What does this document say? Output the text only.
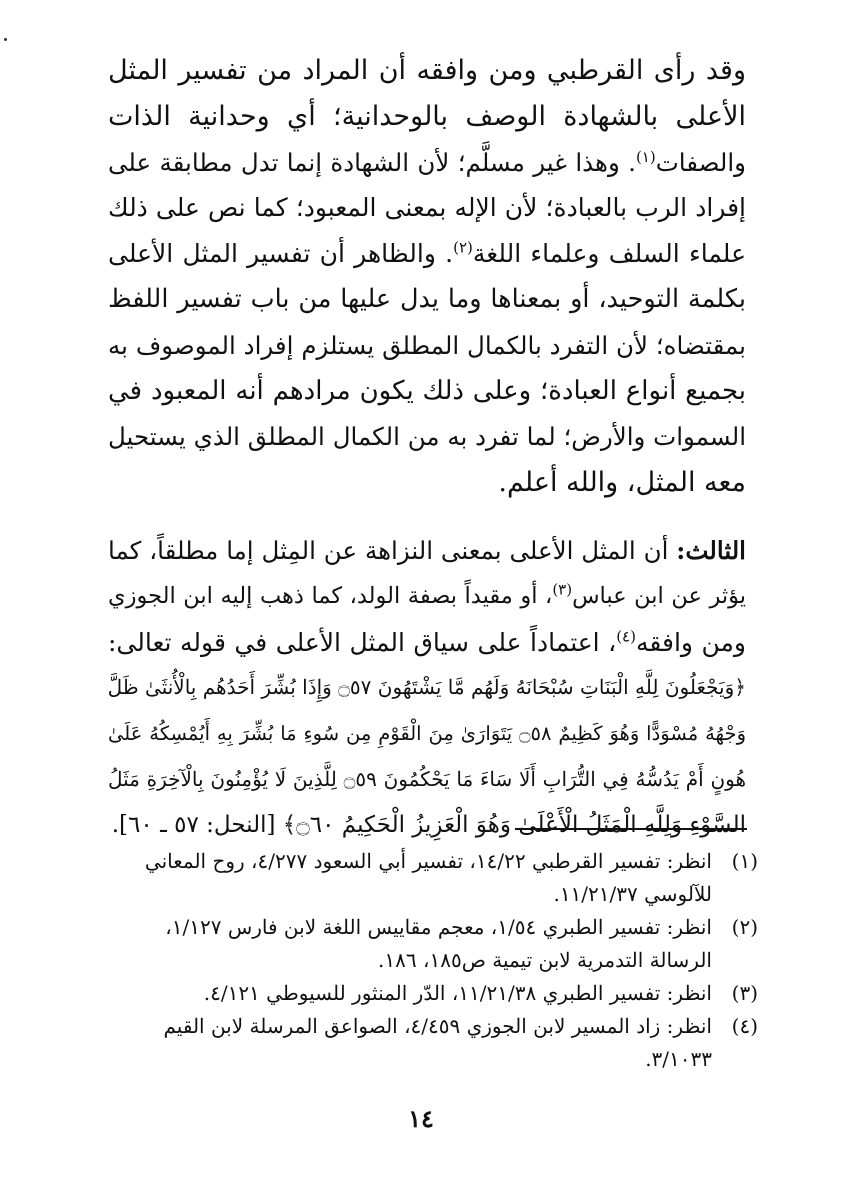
وقد رأى القرطبي ومن وافقه أن المراد من تفسير المثل
الأعلى بالشهادة الوصف بالوحدانية؛ أي وحدانية الذات
والصفات$^{(١)}$. وهذا غير مسلَّم؛ لأن الشهادة إنما تدل مطابقة على
إفراد الرب بالعبادة؛ لأن الإله بمعنى المعبود؛ كما نص على ذلك
علماء السلف وعلماء اللغة$^{(٢)}$. والظاهر أن تفسير المثل الأعلى
بكلمة التوحيد، أو بمعناها وما يدل عليها من باب تفسير اللفظ
بمقتضاه؛ لأن التفرد بالكمال المطلق يستلزم إفراد الموصوف به
بجميع أنواع العبادة؛ وعلى ذلك يكون مرادهم أنه المعبود في
السموات والأرض؛ لما تفرد به من الكمال المطلق الذي يستحيل
معه المثل، والله أعلم.
الثالث: أن المثل الأعلى بمعنى النزاهة عن المِثل إما مطلقاً، كما
يؤثر عن ابن عباس$^{(٣)}$، أو مقيداً بصفة الولد، كما ذهب إليه ابن الجوزي
ومن وافقه$^{(٤)}$، اعتماداً على سياق المثل الأعلى في قوله تعالى:
﴿وَيَجْعَلُونَ لِلَّهِ الْبَنَاتِ سُبْحَانَهُ وَلَهُم مَّا يَشْتَهُونَ ۝٥٧ وَإِذَا بُشِّرَ أَحَدُهُم بِالْأُنثَىٰ ظَلَّ
وَجْهُهُ مُسْوَدًّا وَهُوَ كَظِيمٌ ۝٥٨ يَتَوَارَىٰ مِنَ الْقَوْمِ مِن سُوءِ مَا بُشِّرَ بِهِ أَيُمْسِكُهُ عَلَىٰ
هُونٍ أَمْ يَدُسُّهُ فِي التُّرَابِ أَلَا سَاءَ مَا يَحْكُمُونَ ۝٥٩ لِلَّذِينَ لَا يُؤْمِنُونَ بِالْآخِرَةِ مَثَلُ
السَّوْءِ وَلِلَّهِ الْمَثَلُ الْأَعْلَىٰ وَهُوَ الْعَزِيزُ الْحَكِيمُ ۝٦٠﴾ [النحل: ٥٧ ـ ٦٠].
(١)
انظر: تفسير القرطبي ١٤/٢٢، تفسير أبي السعود ٤/٢٧٧، روح المعاني
للآلوسي ١١/٢١/٣٧.
(٢)
انظر: تفسير الطبري ١/٥٤، معجم مقاييس اللغة لابن فارس ١/١٢٧،
الرسالة التدمرية لابن تيمية ص١٨٥، ١٨٦.
(٣)
انظر: تفسير الطبري ١١/٢١/٣٨، الدّر المنثور للسيوطي ٤/١٢١.
(٤)
انظر: زاد المسير لابن الجوزي ٤/٤٥٩، الصواعق المرسلة لابن القيم
٣/١٠٣٣.
١٤
